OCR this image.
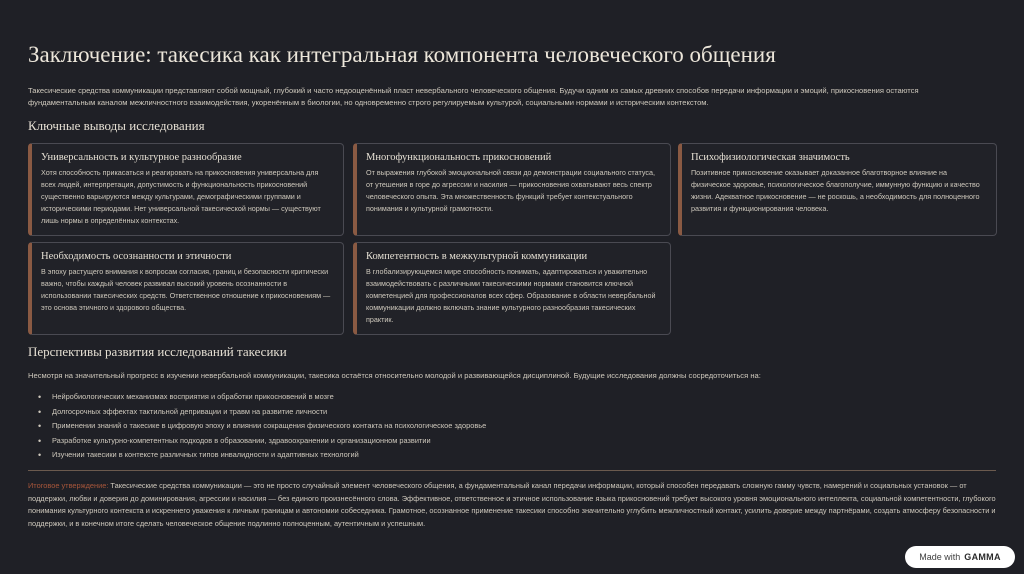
Заключение: такесика как интегральная компонента человеческого общения
Такесические средства коммуникации представляют собой мощный, глубокий и часто недооценённый пласт невербального человеческого общения. Будучи одним из самых древних способов передачи информации и эмоций, прикосновения остаются фундаментальным каналом межличностного взаимодействия, укоренённым в биологии, но одновременно строго регулируемым культурой, социальными нормами и историческим контекстом.
Ключные выводы исследования
Универсальность и культурное разнообразие
Хотя способность прикасаться и реагировать на прикосновения универсальна для всех людей, интерпретация, допустимость и функциональность прикосновений существенно варьируются между культурами, демографическими группами и историческими периодами. Нет универсальной такесической нормы — существуют лишь нормы в определённых контекстах.
Многофункциональность прикосновений
От выражения глубокой эмоциональной связи до демонстрации социального статуса, от утешения в горе до агрессии и насилия — прикосновения охватывают весь спектр человеческого опыта. Эта множественность функций требует контекстуального понимания и культурной грамотности.
Психофизиологическая значимость
Позитивное прикосновение оказывает доказанное благотворное влияние на физическое здоровье, психологическое благополучие, иммунную функцию и качество жизни. Адекватное прикосновение — не роскошь, а необходимость для полноценного развития и функционирования человека.
Необходимость осознанности и этичности
В эпоху растущего внимания к вопросам согласия, границ и безопасности критически важно, чтобы каждый человек развивал высокий уровень осознанности в использовании такесических средств. Ответственное отношение к прикосновениям — это основа этичного и здорового общества.
Компетентность в межкультурной коммуникации
В глобализирующемся мире способность понимать, адаптироваться и уважительно взаимодействовать с различными такесическими нормами становится ключной компетенцией для профессионалов всех сфер. Образование в области невербальной коммуникации должно включать знание культурного разнообразия такесических практик.
Перспективы развития исследований такесики
Несмотря на значительный прогресс в изучении невербальной коммуникации, такесика остаётся относительно молодой и развивающейся дисциплиной. Будущие исследования должны сосредоточиться на:
• Нейробиологических механизмах восприятия и обработки прикосновений в мозге
• Долгосрочных эффектах тактильной депривации и травм на развитие личности
• Применении знаний о такесике в цифровую эпоху и влиянии сокращения физического контакта на психологическое здоровье
• Разработке культурно-компетентных подходов в образовании, здравоохранении и организационном развитии
• Изучении такесики в контексте различных типов инвалидности и адаптивных технологий
Итоговое утверждение: Такесические средства коммуникации — это не просто случайный элемент человеческого общения, а фундаментальный канал передачи информации, который способен передавать сложную гамму чувств, намерений и социальных установок — от поддержки, любви и доверия до доминирования, агрессии и насилия — без единого произнесённого слова. Эффективное, ответственное и этичное использование языка прикосновений требует высокого уровня эмоционального интеллекта, социальной компетентности, глубокого понимания культурного контекста и искреннего уважения к личным границам и автономии собеседника. Грамотное, осознанное применение такесики способно значительно углубить межличностный контакт, усилить доверие между партнёрами, создать атмосферу безопасности и поддержки, и в конечном итоге сделать человеческое общение подлинно полноценным, аутентичным и успешным.
Made with GAMMA
